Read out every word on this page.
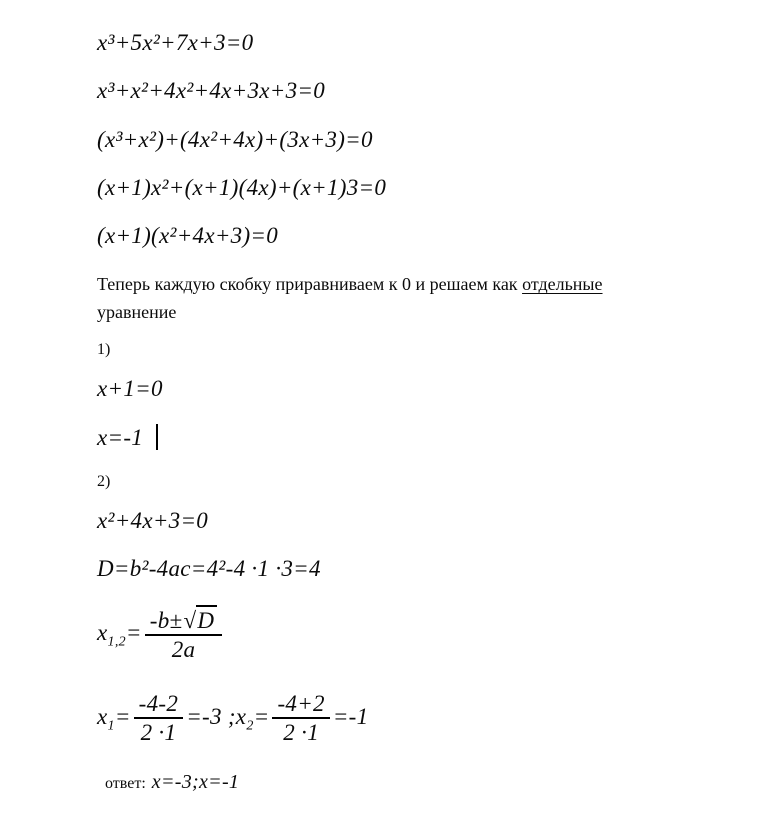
x³+5x²+7x+3=0
x³+x²+4x²+4x+3x+3=0
(x³+x²)+(4x²+4x)+(3x+3)=0
(x+1)x²+(x+1)(4x)+(x+1)3=0
(x+1)(x²+4x+3)=0

Теперь каждую скобку приравниваем к 0 и решаем как отдельные
уравнение

1)
x+1=0
x=-1
2)
x²+4x+3=0
D=b²-4ac=4²-4 ·1 ·3=4
$x_{1,2}= \frac{-b\pm√D}{2a}$
$x_1= \frac{-4-2}{2 \cdot 1} =-3$ $;x_2= \frac{-4+2}{2 \cdot 1} =-1$
ответ: x=-3;x=-1
